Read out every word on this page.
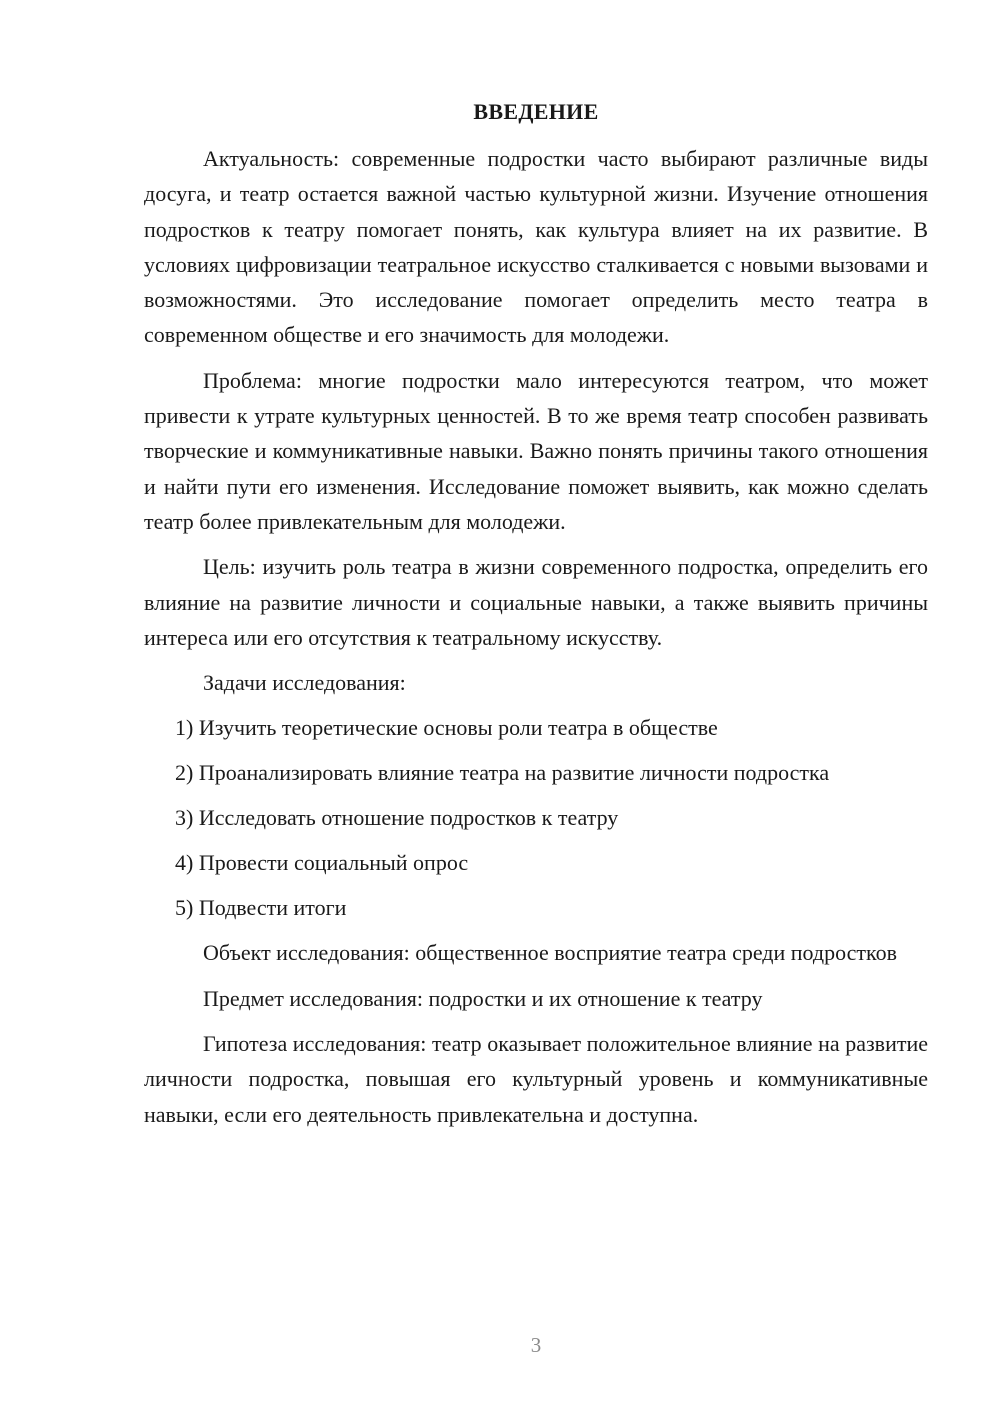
ВВЕДЕНИЕ

Актуальность: современные подростки часто выбирают различные виды досуга, и театр остается важной частью культурной жизни. Изучение отношения подростков к театру помогает понять, как культура влияет на их развитие. В условиях цифровизации театральное искусство сталкивается с новыми вызовами и возможностями. Это исследование помогает определить место театра в современном обществе и его значимость для молодежи.

Проблема: многие подростки мало интересуются театром, что может привести к утрате культурных ценностей. В то же время театр способен развивать творческие и коммуникативные навыки. Важно понять причины такого отношения и найти пути его изменения. Исследование поможет выявить, как можно сделать театр более привлекательным для молодежи.

Цель: изучить роль театра в жизни современного подростка, определить его влияние на развитие личности и социальные навыки, а также выявить причины интереса или его отсутствия к театральному искусству.

Задачи исследования:

1) Изучить теоретические основы роли театра в обществе
2) Проанализировать влияние театра на развитие личности подростка
3) Исследовать отношение подростков к театру
4) Провести социальный опрос
5) Подвести итоги

Объект исследования: общественное восприятие театра среди подростков

Предмет исследования: подростки и их отношение к театру

Гипотеза исследования: театр оказывает положительное влияние на развитие личности подростка, повышая его культурный уровень и коммуникативные навыки, если его деятельность привлекательна и доступна.

3
